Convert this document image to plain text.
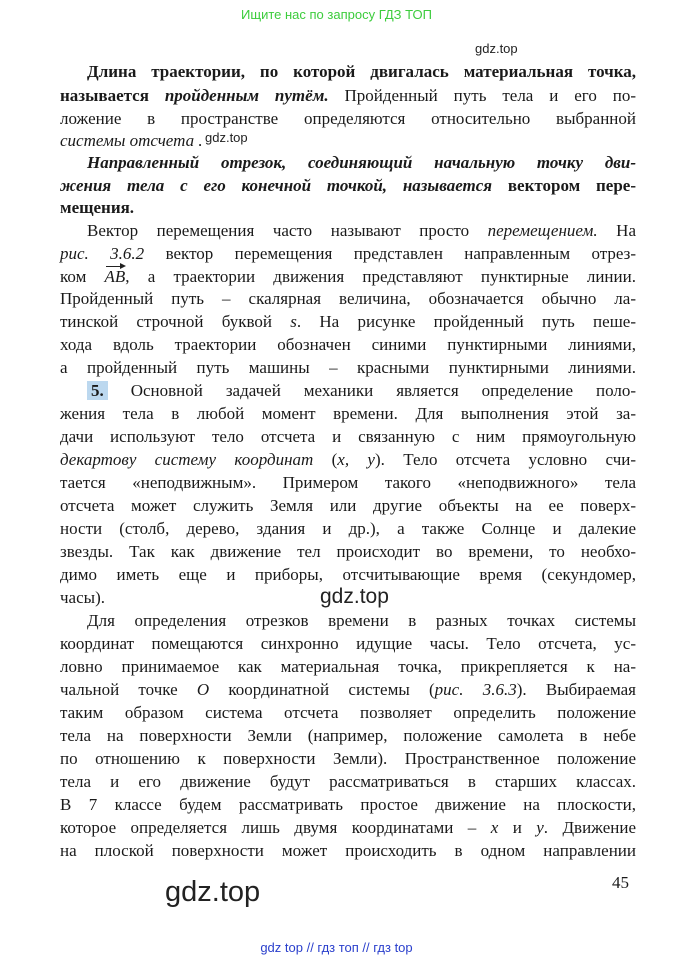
Ищите нас по запросу ГДЗ ТОП
gdz.top
gdz.top
gdz.top
gdz.top
Длина траектории, по которой двигалась материальная точка,
называется пройденным путём. Пройденный путь тела и его по-
ложение в пространстве определяются относительно выбранной
системы отсчета .
Направленный отрезок, соединяющий начальную точку дви-
жения тела с его конечной точкой, называется вектором пере-
мещения.
Вектор перемещения часто называют просто перемещением. На
рис. 3.6.2 вектор перемещения представлен направленным отрез-
ком AB, а траектории движения представляют пунктирные линии.
Пройденный путь – скалярная величина, обозначается обычно ла-
тинской строчной буквой s. На рисунке пройденный путь пеше-
хода вдоль траектории обозначен синими пунктирными линиями,
а пройденный путь машины – красными пунктирными линиями.
5. Основной задачей механики является определение поло-
жения тела в любой момент времени. Для выполнения этой за-
дачи используют тело отсчета и связанную с ним прямоугольную
декартову систему координат (x, y). Тело отсчета условно счи-
тается «неподвижным». Примером такого «неподвижного» тела
отсчета может служить Земля или другие объекты на ее поверх-
ности (столб, дерево, здания и др.), а также Солнце и далекие
звезды. Так как движение тел происходит во времени, то необхо-
димо иметь еще и приборы, отсчитывающие время (секундомер,
часы).
Для определения отрезков времени в разных точках системы
координат помещаются синхронно идущие часы. Тело отсчета, ус-
ловно принимаемое как материальная точка, прикрепляется к на-
чальной точке O координатной системы (рис. 3.6.3). Выбираемая
таким образом система отсчета позволяет определить положение
тела на поверхности Земли (например, положение самолета в небе
по отношению к поверхности Земли). Пространственное положение
тела и его движение будут рассматриваться в старших классах.
В 7 классе будем рассматривать простое движение на плоскости,
которое определяется лишь двумя координатами – x и y. Движение
на плоской поверхности может происходить в одном направлении
45
gdz top // гдз топ // гдз top
